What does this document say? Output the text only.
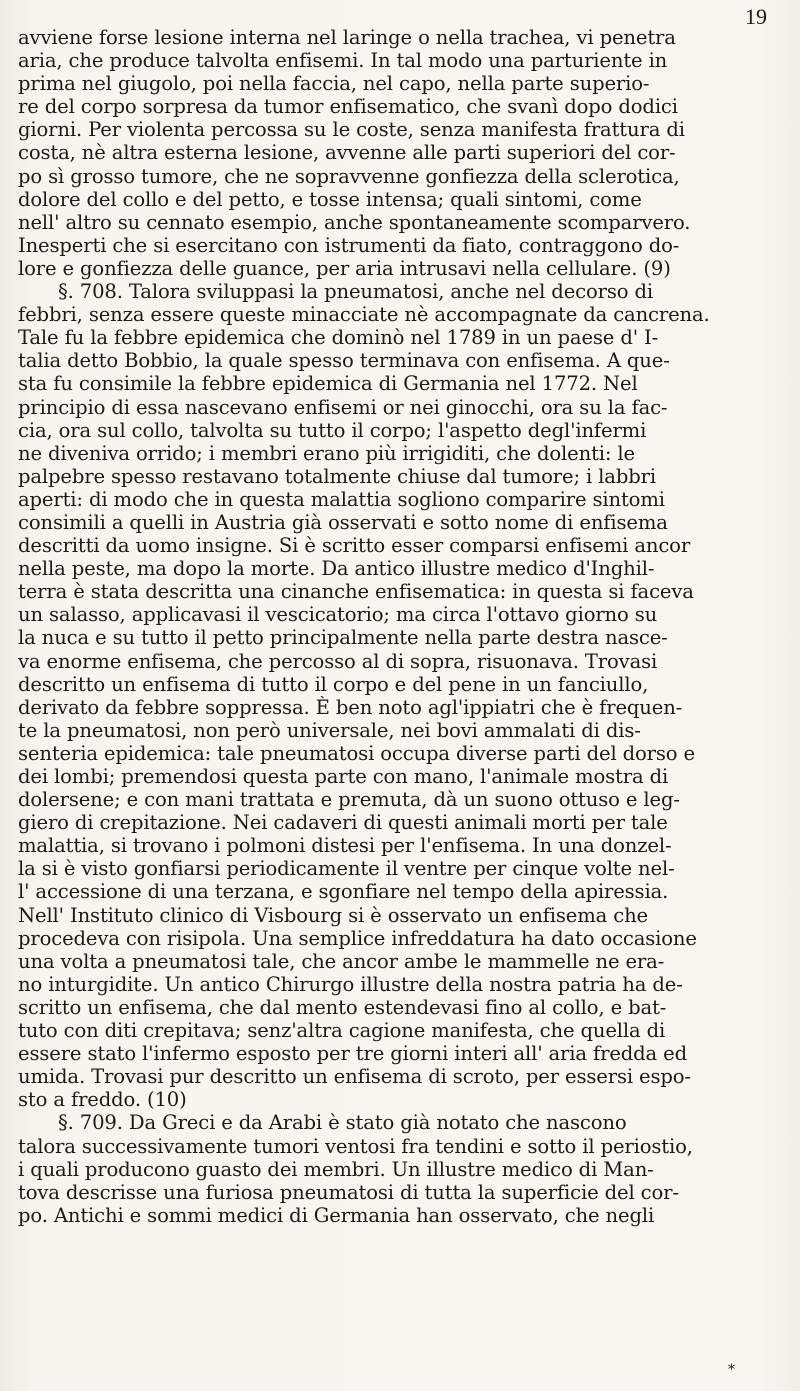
19
avviene forse lesione interna nel laringe o nella trachea, vi penetra
aria, che produce talvolta enfisemi. In tal modo una parturiente in
prima nel giugolo, poi nella faccia, nel capo, nella parte superio-
re del corpo sorpresa da tumor enfisematico, che svanì dopo dodici
giorni. Per violenta percossa su le coste, senza manifesta frattura di
costa, nè altra esterna lesione, avvenne alle parti superiori del cor-
po sì grosso tumore, che ne sopravvenne gonfiezza della sclerotica,
dolore del collo e del petto, e tosse intensa; quali sintomi, come
nell' altro su cennato esempio, anche spontaneamente scomparvero.
Inesperti che si esercitano con istrumenti da fiato, contraggono do-
lore e gonfiezza delle guance, per aria intrusavi nella cellulare. (9)
§. 708. Talora sviluppasi la pneumatosi, anche nel decorso di
febbri, senza essere queste minacciate nè accompagnate da cancrena.
Tale fu la febbre epidemica che dominò nel 1789 in un paese d' I-
talia detto Bobbio, la quale spesso terminava con enfisema. A que-
sta fu consimile la febbre epidemica di Germania nel 1772. Nel
principio di essa nascevano enfisemi or nei ginocchi, ora su la fac-
cia, ora sul collo, talvolta su tutto il corpo; l'aspetto degl'infermi
ne diveniva orrido; i membri erano più irrigiditi, che dolenti: le
palpebre spesso restavano totalmente chiuse dal tumore; i labbri
aperti: di modo che in questa malattia sogliono comparire sintomi
consimili a quelli in Austria già osservati e sotto nome di enfisema
descritti da uomo insigne. Si è scritto esser comparsi enfisemi ancor
nella peste, ma dopo la morte. Da antico illustre medico d'Inghil-
terra è stata descritta una cinanche enfisematica: in questa si faceva
un salasso, applicavasi il vescicatorio; ma circa l'ottavo giorno su
la nuca e su tutto il petto principalmente nella parte destra nasce-
va enorme enfisema, che percosso al di sopra, risuonava. Trovasi
descritto un enfisema di tutto il corpo e del pene in un fanciullo,
derivato da febbre soppressa. È ben noto agl'ippiatri che è frequen-
te la pneumatosi, non però universale, nei bovi ammalati di dis-
senteria epidemica: tale pneumatosi occupa diverse parti del dorso e
dei lombi; premendosi questa parte con mano, l'animale mostra di
dolersene; e con mani trattata e premuta, dà un suono ottuso e leg-
giero di crepitazione. Nei cadaveri di questi animali morti per tale
malattia, si trovano i polmoni distesi per l'enfisema. In una donzel-
la si è visto gonfiarsi periodicamente il ventre per cinque volte nel-
l' accessione di una terzana, e sgonfiare nel tempo della apiressia.
Nell' Instituto clinico di Visbourg si è osservato un enfisema che
procedeva con risipola. Una semplice infreddatura ha dato occasione
una volta a pneumatosi tale, che ancor ambe le mammelle ne era-
no inturgidite. Un antico Chirurgo illustre della nostra patria ha de-
scritto un enfisema, che dal mento estendevasi fino al collo, e bat-
tuto con diti crepitava; senz'altra cagione manifesta, che quella di
essere stato l'infermo esposto per tre giorni interi all' aria fredda ed
umida. Trovasi pur descritto un enfisema di scroto, per essersi espo-
sto a freddo. (10)
§. 709. Da Greci e da Arabi è stato già notato che nascono
talora successivamente tumori ventosi fra tendini e sotto il periostio,
i quali producono guasto dei membri. Un illustre medico di Man-
tova descrisse una furiosa pneumatosi di tutta la superficie del cor-
po. Antichi e sommi medici di Germania han osservato, che negli
*
